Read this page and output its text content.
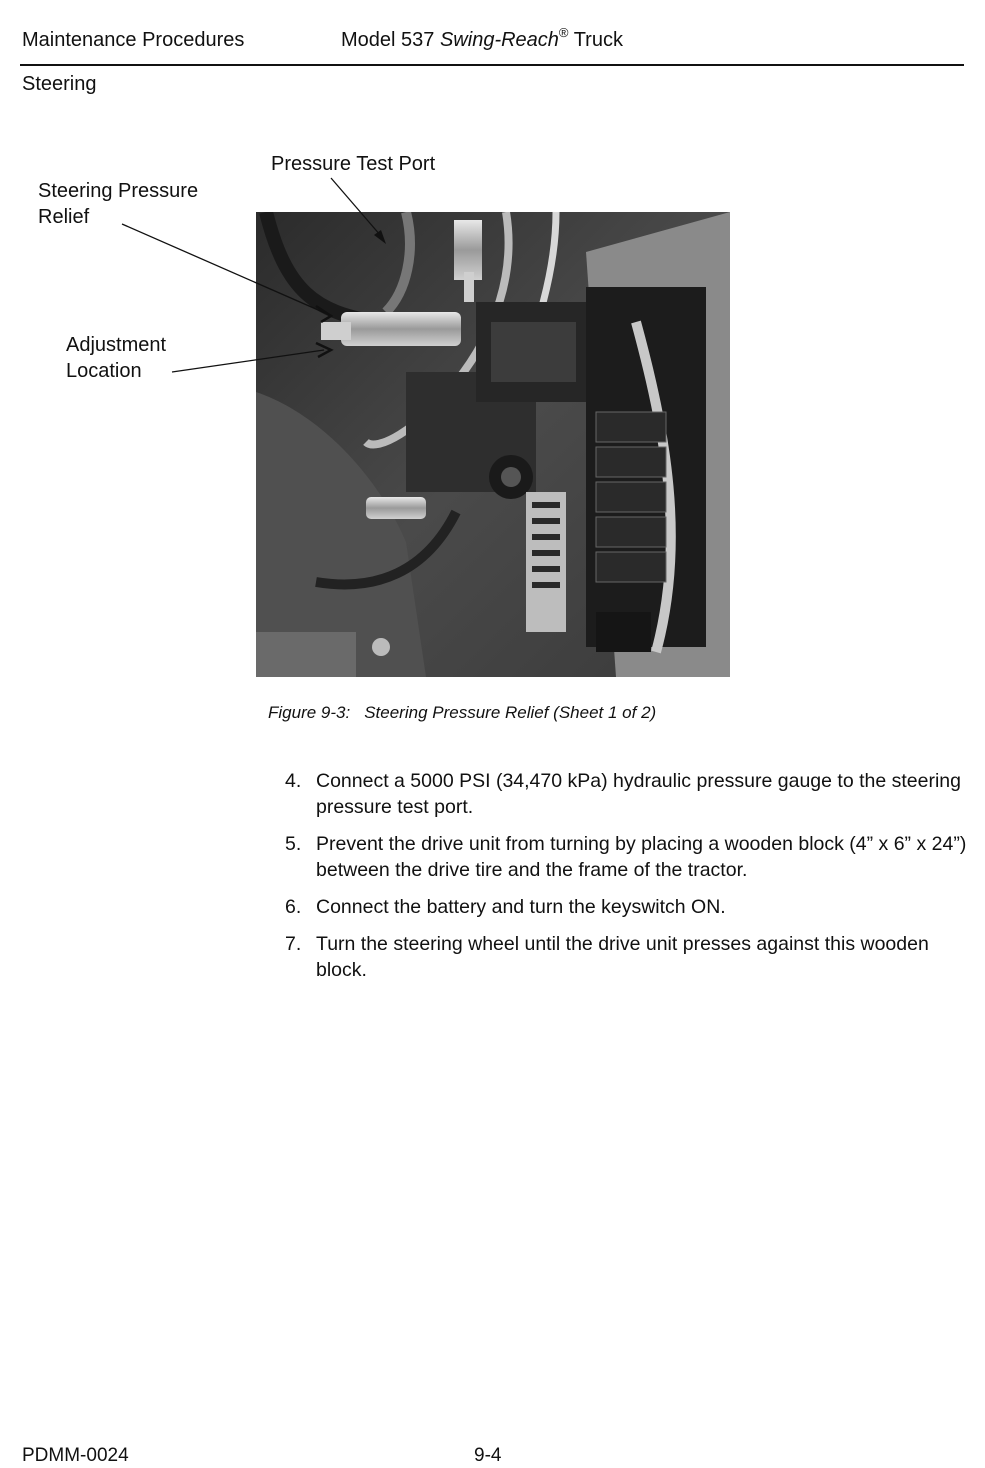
Maintenance Procedures	Model 537 Swing-Reach® Truck
Steering
Pressure Test Port
Steering Pressure
Relief
Adjustment
Location
Figure 9-3: Steering Pressure Relief (Sheet 1 of 2)
4. Connect a 5000 PSI (34,470 kPa) hydraulic pressure gauge to the steering pressure test port.
5. Prevent the drive unit from turning by placing a wooden block (4” x 6” x 24”) between the drive tire and the frame of the tractor.
6. Connect the battery and turn the keyswitch ON.
7. Turn the steering wheel until the drive unit presses against this wooden block.
PDMM-0024	9-4
